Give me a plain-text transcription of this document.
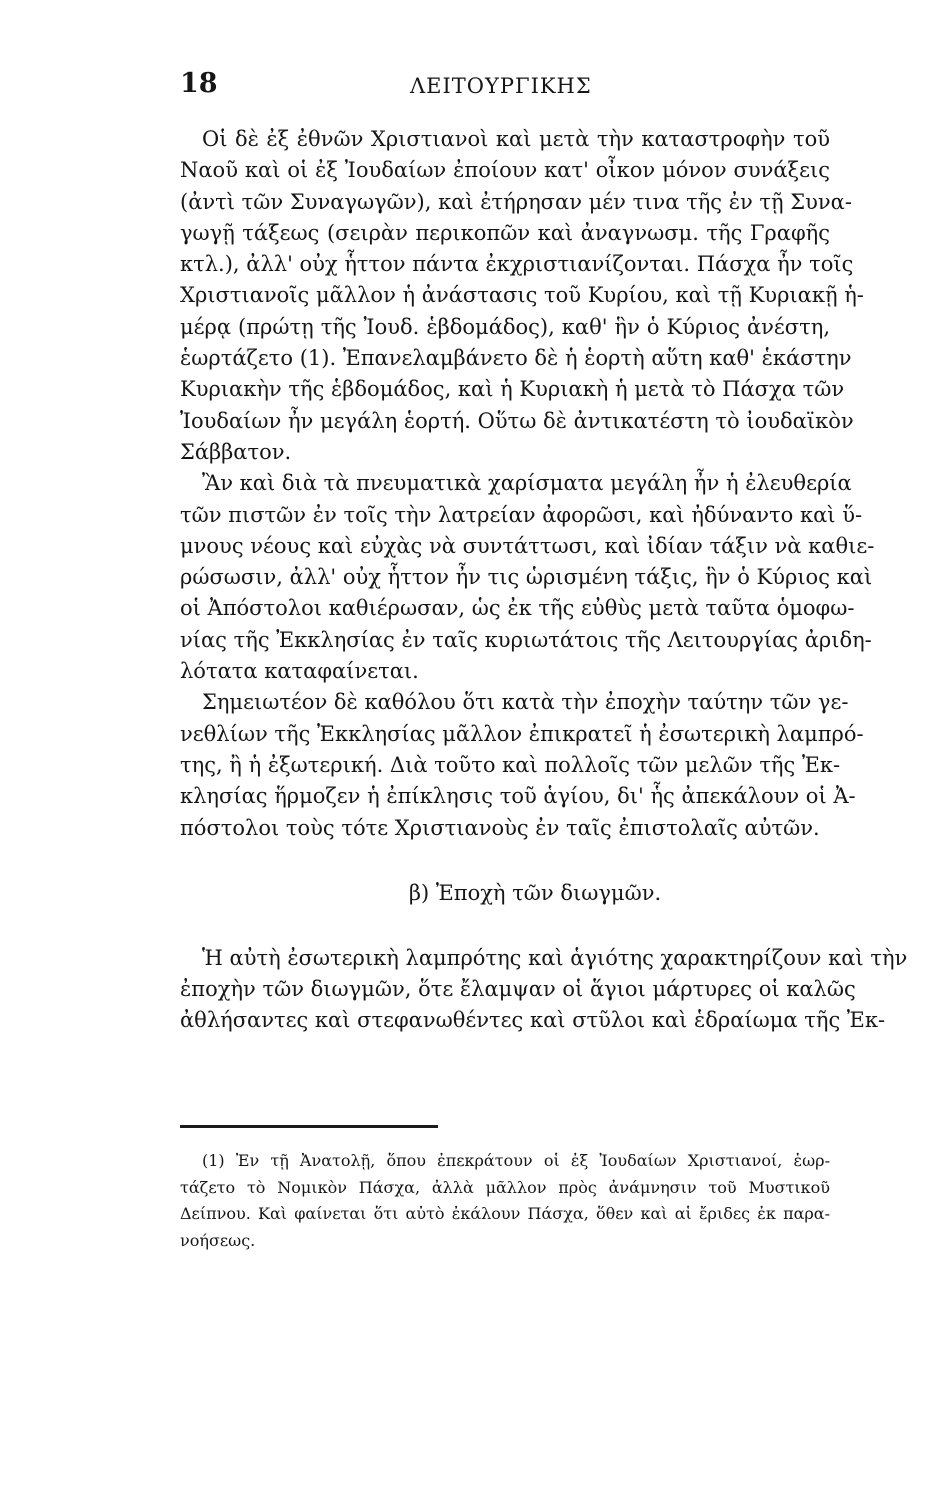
18	ΛΕΙΤΟΥΡΓΙΚΗΣ
Οἱ δὲ ἐξ ἐθνῶν Χριστιανοὶ καὶ μετὰ τὴν καταστροφὴν τοῦ
Ναοῦ καὶ οἱ ἐξ Ἰουδαίων ἐποίουν κατ' οἶκον μόνον συνάξεις
(ἀντὶ τῶν Συναγωγῶν), καὶ ἐτήρησαν μέν τινα τῆς ἐν τῇ Συνα-
γωγῇ τάξεως (σειρὰν περικοπῶν καὶ ἀναγνωσμ. τῆς Γραφῆς
κτλ.), ἀλλ' οὐχ ἧττον πάντα ἐκχριστιανίζονται. Πάσχα ἦν τοῖς
Χριστιανοῖς μᾶλλον ἡ ἀνάστασις τοῦ Κυρίου, καὶ τῇ Κυριακῇ ἡ-
μέρᾳ (πρώτῃ τῆς Ἰουδ. ἑβδομάδος), καθ' ἣν ὁ Κύριος ἀνέστη,
ἑωρτάζετο (1). Ἐπανελαμβάνετο δὲ ἡ ἑορτὴ αὕτη καθ' ἑκάστην
Κυριακὴν τῆς ἑβδομάδος, καὶ ἡ Κυριακὴ ἡ μετὰ τὸ Πάσχα τῶν
Ἰουδαίων ἦν μεγάλη ἑορτή. Οὕτω δὲ ἀντικατέστη τὸ ἰουδαϊκὸν
Σάββατον.
Ἂν καὶ διὰ τὰ πνευματικὰ χαρίσματα μεγάλη ἦν ἡ ἐλευθερία
τῶν πιστῶν ἐν τοῖς τὴν λατρείαν ἀφορῶσι, καὶ ἠδύναντο καὶ ὕ-
μνους νέους καὶ εὐχὰς νὰ συντάττωσι, καὶ ἰδίαν τάξιν νὰ καθιε-
ρώσωσιν, ἀλλ' οὐχ ἧττον ἦν τις ὡρισμένη τάξις, ἣν ὁ Κύριος καὶ
οἱ Ἀπόστολοι καθιέρωσαν, ὡς ἐκ τῆς εὐθὺς μετὰ ταῦτα ὁμοφω-
νίας τῆς Ἐκκλησίας ἐν ταῖς κυριωτάτοις τῆς Λειτουργίας ἀριδη-
λότατα καταφαίνεται.
Σημειωτέον δὲ καθόλου ὅτι κατὰ τὴν ἐποχὴν ταύτην τῶν γε-
νεθλίων τῆς Ἐκκλησίας μᾶλλον ἐπικρατεῖ ἡ ἐσωτερικὴ λαμπρό-
της, ἢ ἡ ἐξωτερική. Διὰ τοῦτο καὶ πολλοῖς τῶν μελῶν τῆς Ἐκ-
κλησίας ἥρμοζεν ἡ ἐπίκλησις τοῦ ἁγίου, δι' ἧς ἀπεκάλουν οἱ Ἀ-
πόστολοι τοὺς τότε Χριστιανοὺς ἐν ταῖς ἐπιστολαῖς αὐτῶν.
β) Ἐποχὴ τῶν διωγμῶν.
Ἡ αὐτὴ ἐσωτερικὴ λαμπρότης καὶ ἁγιότης χαρακτηρίζουν καὶ τὴν
ἐποχὴν τῶν διωγμῶν, ὅτε ἔλαμψαν οἱ ἅγιοι μάρτυρες οἱ καλῶς
ἀθλήσαντες καὶ στεφανωθέντες καὶ στῦλοι καὶ ἑδραίωμα τῆς Ἐκ-
(1) Ἐν τῇ Ἀνατολῇ, ὅπου ἐπεκράτουν οἱ ἐξ Ἰουδαίων Χριστιανοί, ἑωρ-
τάζετο τὸ Νομικὸν Πάσχα, ἀλλὰ μᾶλλον πρὸς ἀνάμνησιν τοῦ Μυστικοῦ
Δείπνου. Καὶ φαίνεται ὅτι αὐτὸ ἐκάλουν Πάσχα, ὅθεν καὶ αἱ ἔριδες ἐκ παρα-
νοήσεως.
